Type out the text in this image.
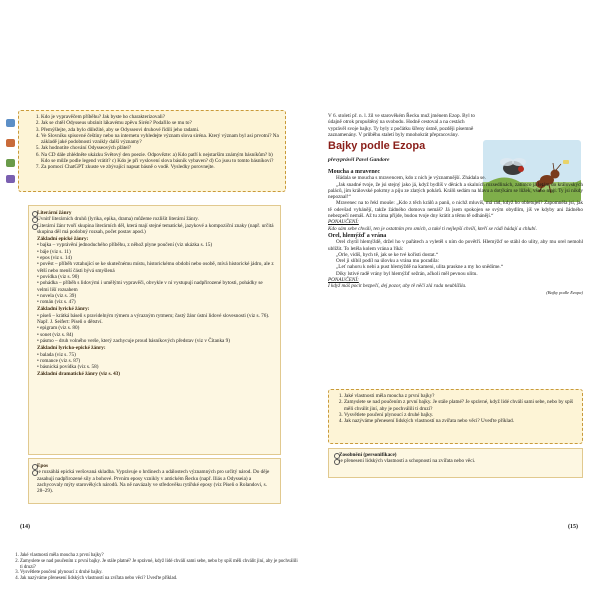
1. Kdo je vypravěčem příběhu? Jak byste ho charakterizovali?
2. Jak se chtěl Odysseus ubránit lákavému zpěvu Sirén? Podařilo se mu to?
3. Přemýšlejte, zda bylo důležité, aby se Odysseovi druhové řídili jeho radami.
4. Ve Slovníku spisovné češtiny nebo na internetu vyhledejte význam slova siréna. Který význam byl asi prvotní? Na základě jaké podobnosti vznikly další významy?
5. Jak hodnotíte chování Odysseových přátel?
6. Na CD dále zhlédněte ukázku Světový den poezie. Odpovězte: a) Kdo patří k nejstarším známým básníkům? b) Kdo se může podle legend vrátit? c) Kdo je při vyslovení slova básník vybaven? d) Co jsou to tomto básníkovi?
7. Za pomocí ChatGPT zkuste ve zbývající napsat básně o vodě. Vysledky porovnejte.

Literární žánry

Uvnitř literárních druhů (lyrika, epika, drama) můžeme rozlišit literární žánry.

Literární žánr tvoří skupina literárních děl, která mají stejné tematické, jazykové a kompoziční znaky (např. určitá skupina děl má podobný rozsah, počet postav apod.)

Základní epické žánry:

• bajka – vyprávění jednoduchého příběhu, z něhož plyne poučení (viz ukázka s. 15)

• báje (viz s. 11)

• epos (viz s. 14)

• pověst – příběh vztahující se ke skutečnému místu, historickému období nebo osobě, mívá historické jádro, ale z větší nebo menší části bývá smyšlená

• povídka (viz s. 90)

• pohádka – příběh s lidovými i umělými vypravěči, obvykle v ní vystupují nadpřirozené bytosti, pohádky se velmi liší rozsahem

• novela (viz s. 39)

• román (viz s. 47)

Základní lyrické žánry:

• píseň – krátká báseň s pravidelným rýmem a výrazným rytmem; častý žánr ústní lidové slovesnosti (viz s. 76). Např. J. Seifert: Píseň o dětství.

• epigram (viz s. 80)

• sonet (viz s. 84)

• pásmo – druh volného verše, který zachycuje proud básníkových představ (viz v Čítanka 9)

Základní lyricko-epické žánry:

• balada (viz s. 75)

• romance (viz s. 87)

• básnická povídka (viz s. 58)

Základní dramatické žánry (viz s. 43)

Epos

je rozsáhlá epická veršovaná skladba. Vyprávuje o hrdinech a událostech významných pro určitý národ. Do děje zasahují nadpřirozené síly a bohové. Prvním eposy vznikly v antickém Řecku (např. Iliás a Odysseia) a zachycovaly mýty starověkých národů. Na ně navázaly ve středověku rytířské eposy (viz Píseň o Rolandovi, s. 28–29).

(14)
V 6. století př. n. l. žil ve starověkém Řecku muž jménem Ezop. Byl to údajně otrok propuštěný na svobodu. Hodně cestoval a na cestách vyprávěl svoje bajky. Ty byly z počátku šířeny ústně, později písemně zaznamenány. V průběhu staletí byly mnohokrát přepracovány.
Bajky podle Ezopa
převyprávěl Pavel Gandore

Moucha a mravenec

Hádala se moucha s mravencem, kdo z nich je významnější. Zhádala se.

„Jak snadné tvoje, že jsi stejný jako já, když bydlíš v děrách a skalních rozsedlinách, zatímco já letám do královských paláců, jím královské pokrmy a piju ze zlatých pohárů. Králů sedám na hlavu a dotýkám se lůžek, všeho mají. Ty jsi nikdy nepoznal!“

Mravenec na to řekl mouše: „Kdo z těch králů a panů, o nichž mluvíš, má rád, když ho obletuješ? Zapomněla jsi, jak tě odevšad vyhánějí, takže žádného domova nemáš? Já jsem spokojen se svým obydlím, jíš ve kdyby ani žádného nebezpečí nemáš. Až tu zima přijde, budou tvoje dny krátit a těmu tě odhánějí.“

PONAUČENÍ:

Kdo sám sebe chválí, ten je ostatním pro smích, a také ti nejlepší chvílí, kteří se rádi hádají a chlubí.

Orel, hlemýžď a vrána

Orel chytil hlemýždě, držel ho v pařátech a vyletěl s ním do povětří. Hlemýžď se stáhl do ulity, aby mu orel nemohl ublížit. To letěla kolem vrána a říká:

„Orle, vidíš, bych tě, jak se ke tvé kořisti dostat.“

Orel ji slíbil podíl na úlovku a vrána mu poradila:

„Leť nahoru k nebi a pust hlemýždě na kameni, ulita praskne a my ho snědíme.“

Díky lstivé radě vrány byl hlemýžď sežrán, ačkoli měl pevnou ulitu.

PONAUČENÍ:

I když máš pocit bezpečí, dej pozor, aby tě něčí zlá rada neublížila.

(Bajky podle Ezopa)

1. Jaké vlastnosti měla moucha z první bajky?
2. Zamyslete se nad poučením z první bajky. Je stále platné? Je správné, když lidé chválí sami sebe, nebo by spíš měli chválit jiní, aby je pochválili ti druzí?
3. Vysvětlete poučení plynoucí z druhé bajky.
4. Jak nazýváme přenesení lidských vlastností na zvířata nebo věci? Uveďte příklad.

Zosobnění (personifikace)

je přenesení lidských vlastností a schopností na zvířata nebo věci.

(15)
1. Jaké vlastnosti měla moucha z první bajky?
2. Zamyslete se nad poučením z první bajky. Je stále platné? Je správné, když lidé chválí sami sebe, nebo by spíš měli chválit jiní, aby je pochválili ti druzí?
3. Vysvětlete poučení plynoucí z druhé bajky.
4. Jak nazýváme přenesení lidských vlastností na zvířata nebo věci? Uveďte příklad.
